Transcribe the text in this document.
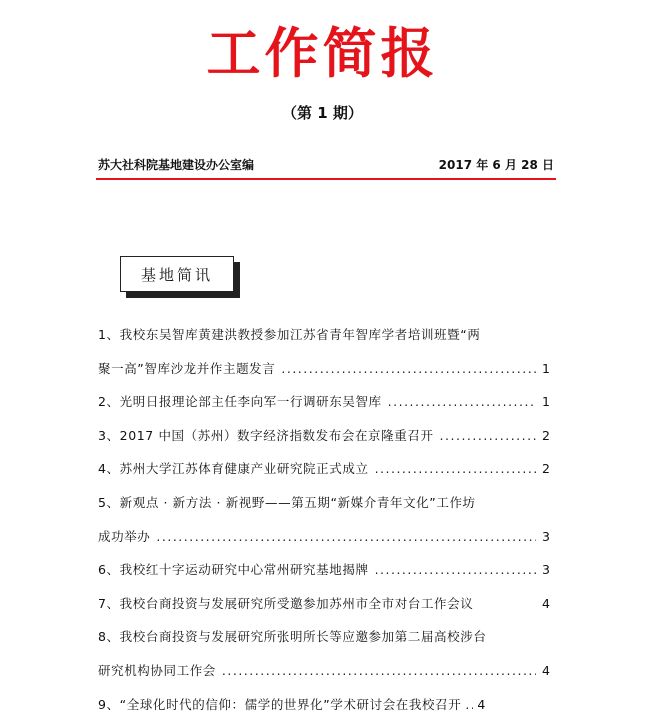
工作简报
（第 1 期）
苏大社科院基地建设办公室编	2017 年 6 月 28 日
基地简讯
1、我校东吴智库黄建洪教授参加江苏省青年智库学者培训班暨“两
聚一高”智库沙龙并作主题发言 .....	1
2、光明日报理论部主任李向军一行调研东吴智库 .....	1
3、2017 中国（苏州）数字经济指数发布会在京隆重召开 .....	2
4、苏州大学江苏体育健康产业研究院正式成立 .....	2
5、新观点 · 新方法 · 新视野——第五期“新媒介青年文化”工作坊
成功举办 .....	3
6、我校红十字运动研究中心常州研究基地揭牌 .....	3
7、我校台商投资与发展研究所受邀参加苏州市全市对台工作会议	4
8、我校台商投资与发展研究所张明所长等应邀参加第二届高校涉台
研究机构协同工作会 .....	4
9、“全球化时代的信仰：儒学的世界化”学术研讨会在我校召开 ..... 4
